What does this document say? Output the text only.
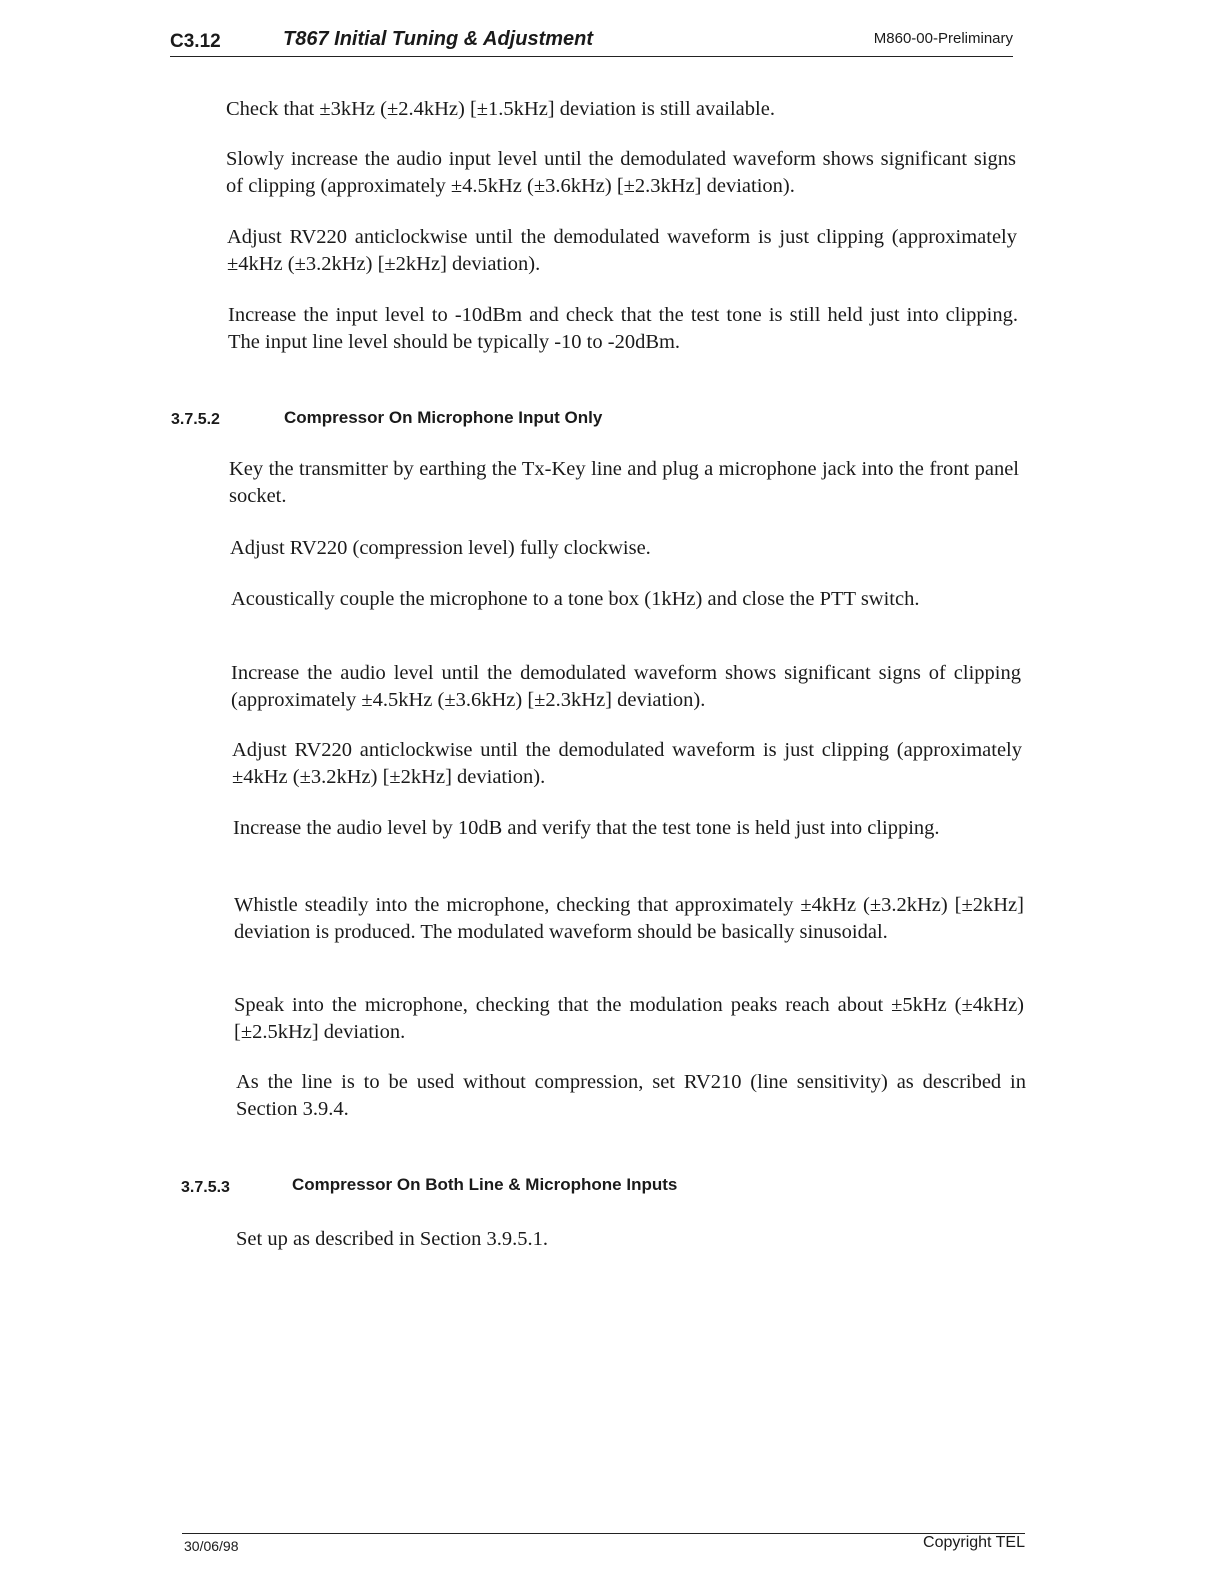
C3.12	T867 Initial Tuning & Adjustment	M860-00-Preliminary

Check that ±3kHz (±2.4kHz) [±1.5kHz] deviation is still available.

Slowly increase the audio input level until the demodulated waveform shows significant signs of clipping (approximately ±4.5kHz (±3.6kHz) [±2.3kHz] deviation).

Adjust RV220 anticlockwise until the demodulated waveform is just clipping (approximately ±4kHz (±3.2kHz) [±2kHz] deviation).

Increase the input level to -10dBm and check that the test tone is still held just into clipping. The input line level should be typically -10 to -20dBm.

3.7.5.2	Compressor On Microphone Input Only

Key the transmitter by earthing the Tx-Key line and plug a microphone jack into the front panel socket.

Adjust RV220 (compression level) fully clockwise.

Acoustically couple the microphone to a tone box (1kHz) and close the PTT switch.

Increase the audio level until the demodulated waveform shows significant signs of clipping (approximately ±4.5kHz (±3.6kHz) [±2.3kHz] deviation).

Adjust RV220 anticlockwise until the demodulated waveform is just clipping (approximately ±4kHz (±3.2kHz) [±2kHz] deviation).

Increase the audio level by 10dB and verify that the test tone is held just into clipping.

Whistle steadily into the microphone, checking that approximately ±4kHz (±3.2kHz) [±2kHz] deviation is produced. The modulated waveform should be basically sinusoidal.

Speak into the microphone, checking that the modulation peaks reach about ±5kHz (±4kHz) [±2.5kHz] deviation.

As the line is to be used without compression, set RV210 (line sensitivity) as described in Section 3.9.4.

3.7.5.3	Compressor On Both Line & Microphone Inputs

Set up as described in Section 3.9.5.1.

30/06/98	Copyright TEL
